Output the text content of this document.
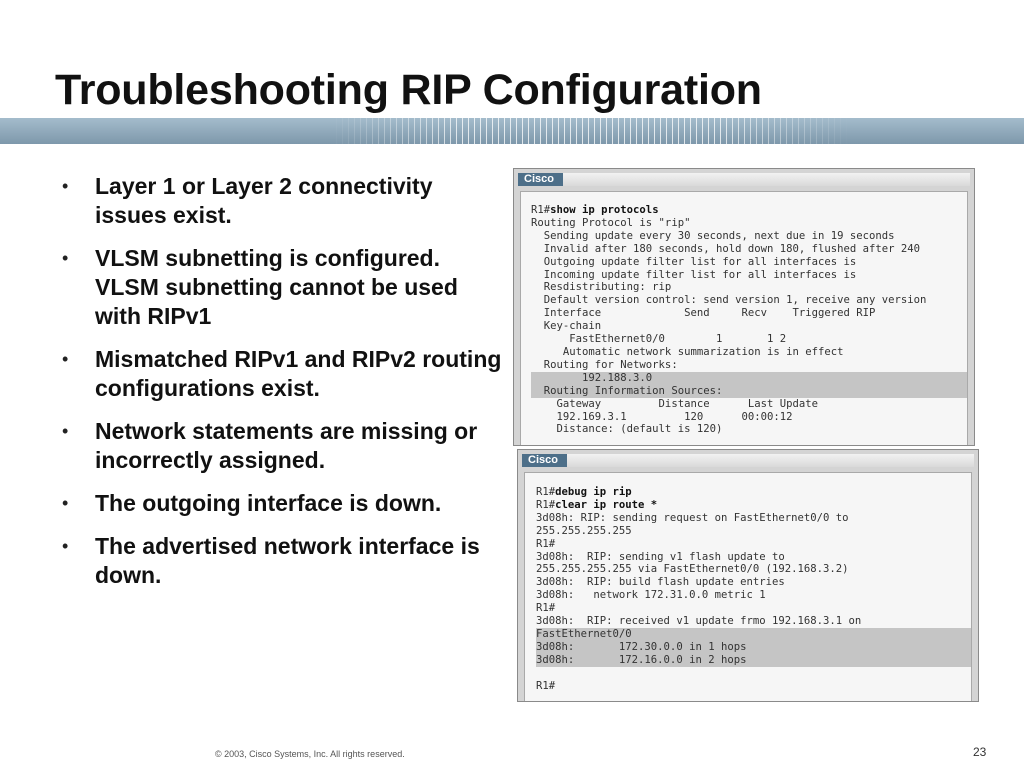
Troubleshooting RIP Configuration
• Layer 1 or Layer 2 connectivity issues exist.
• VLSM subnetting is configured. VLSM subnetting cannot be used with RIPv1
• Mismatched RIPv1 and RIPv2 routing configurations exist.
• Network statements are missing or incorrectly assigned.
• The outgoing interface is down.
• The advertised network interface is down.
Cisco
R1#show ip protocols
Routing Protocol is "rip"
Sending update every 30 seconds, next due in 19 seconds
Invalid after 180 seconds, hold down 180, flushed after 240
Outgoing update filter list for all interfaces is
Incoming update filter list for all interfaces is
Resdistributing: rip
Default version control: send version 1, receive any version
Interface             Send     Recv    Triggered RIP
Key-chain
FastEthernet0/0        1       1 2
Automatic network summarization is in effect
Routing for Networks:
192.188.3.0
Routing Information Sources:
Gateway         Distance      Last Update
192.169.3.1         120      00:00:12
Distance: (default is 120)
Cisco
R1#debug ip rip
R1#clear ip route *
3d08h: RIP: sending request on FastEthernet0/0 to
255.255.255.255
R1#
3d08h:  RIP: sending v1 flash update to
255.255.255.255 via FastEthernet0/0 (192.168.3.2)
3d08h:  RIP: build flash update entries
3d08h:   network 172.31.0.0 metric 1
R1#
3d08h:  RIP: received v1 update frmo 192.168.3.1 on
FastEthernet0/0
3d08h:       172.30.0.0 in 1 hops
3d08h:       172.16.0.0 in 2 hops

R1#
© 2003, Cisco Systems, Inc. All rights reserved.	23
